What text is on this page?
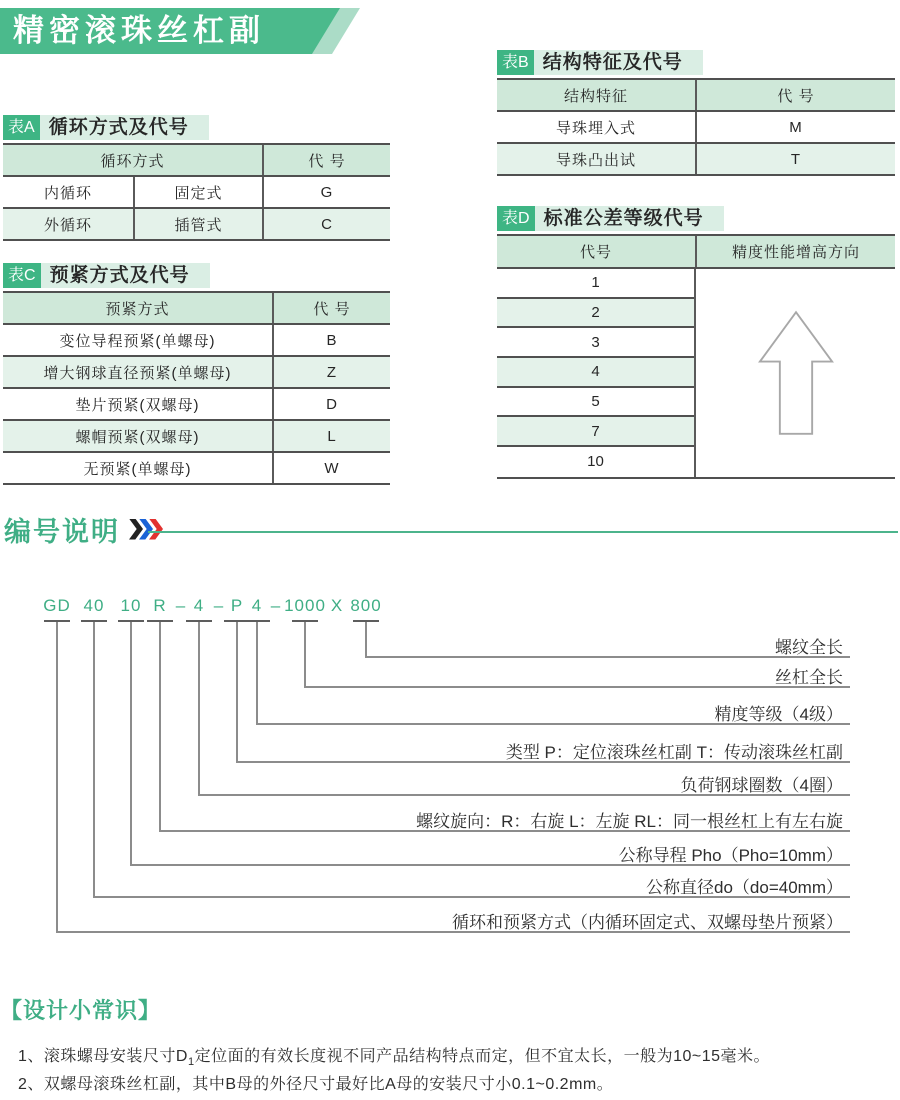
精密滚珠丝杠副
表A 循环方式及代号
循环方式	代 号
内循环	固定式	G
外循环	插管式	C
表C 预紧方式及代号
预紧方式	代 号
变位导程预紧(单螺母)	B
增大钢球直径预紧(单螺母)	Z
垫片预紧(双螺母)	D
螺帽预紧(双螺母)	L
无预紧(单螺母)	W
表B 结构特征及代号
结构特征	代 号
导珠埋入式	M
导珠凸出试	T
表D 标准公差等级代号
代号	精度性能增高方向
1
2
3
4
5
7
10
编号说明
GD 40 10 R – 4 – P 4 – 1000 X 800
螺纹全长
丝杠全长
精度等级（4级）
类型 P：定位滚珠丝杠副 T：传动滚珠丝杠副
负荷钢球圈数（4圈）
螺纹旋向：R：右旋 L：左旋 RL：同一根丝杠上有左右旋
公称导程 Pho（Pho=10mm）
公称直径do（do=40mm）
循环和预紧方式（内循环固定式、双螺母垫片预紧）
【设计小常识】
1、滚珠螺母安装尺寸$D_1$定位面的有效长度视不同产品结构特点而定，但不宜太长，一般为10~15毫米。
2、双螺母滚珠丝杠副，其中B母的外径尺寸最好比A母的安装尺寸小0.1~0.2mm。
